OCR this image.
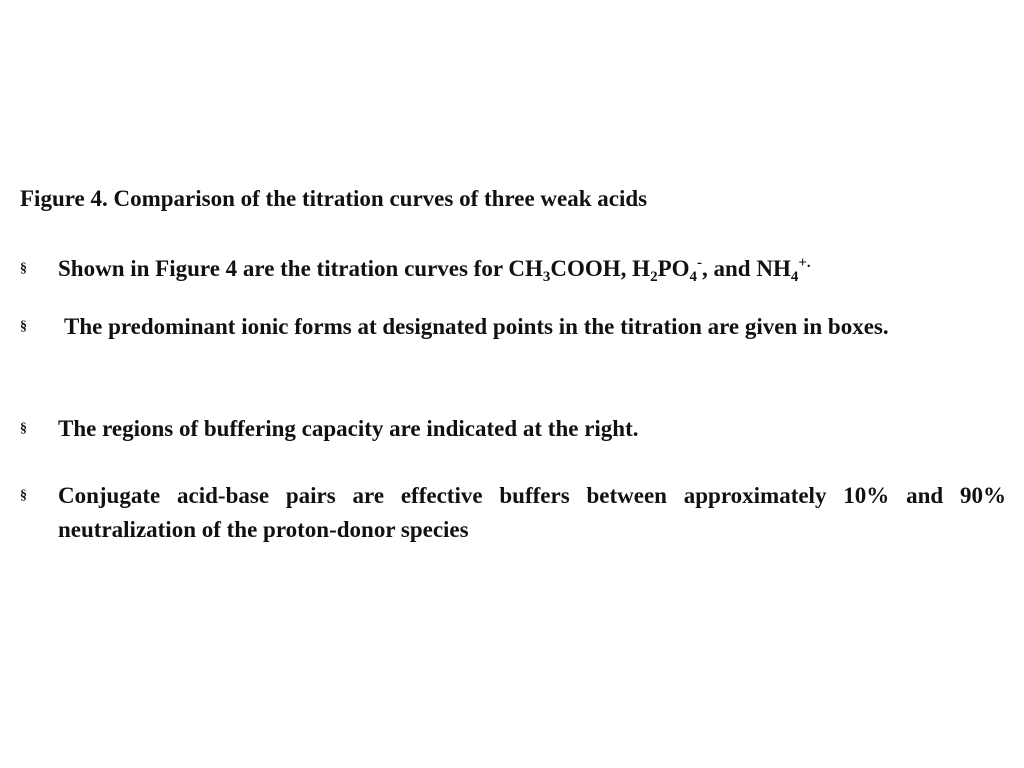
Figure 4. Comparison of the titration curves of three weak acids
§ Shown in Figure 4 are the titration curves for $CH_3COOH$, $H_2PO_4^-$, and $NH_4^{+.}$
§ The predominant ionic forms at designated points in the titration are given in boxes.
§ The regions of buffering capacity are indicated at the right.
§ Conjugate acid-base pairs are effective buffers between approximately 10% and 90% neutralization of the proton-donor species
